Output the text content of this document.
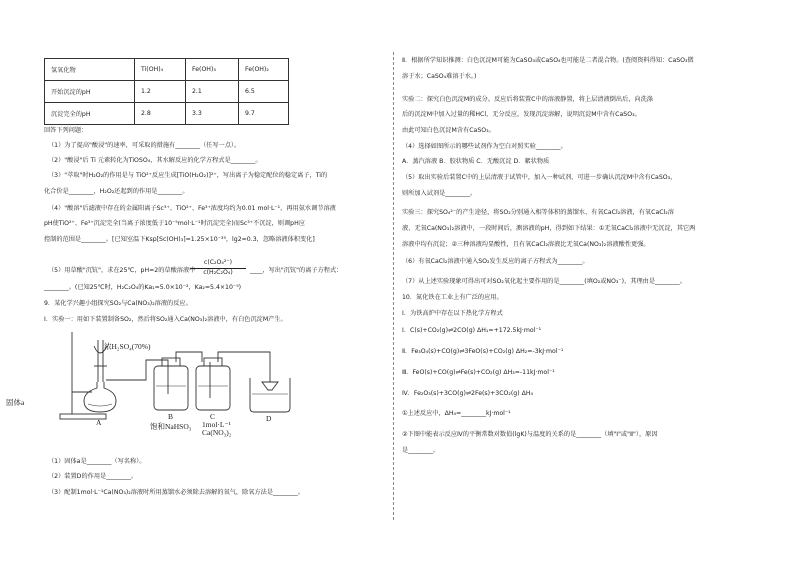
氢氧化物	Ti(OH)₄	Fe(OH)₃	Fe(OH)₂
开始沉淀的pH	1.2	2.1	6.5
沉淀完全的pH	2.8	3.3	9.7
回答下列问题：
（1）为了提高"酸浸"的速率，可采取的措施有________（任写一点）。
（2）"酸浸"后 Ti 元素转化为TiOSO₄，其水解反应的化学方程式是________。
（3）"萃取"时H₂O₂的作用是与 TiO²⁺反应生成[TiO(H₂O₂)]²⁺，写出离子为稳定配位的稳定离子，Ti的
化合价是________，H₂O₂还起到的作用是________。
（4）"酸溶"后滤液中存在的金属阳离子Sc³⁺、TiO²⁺、Fe³⁺浓度均约为0.01 mol·L⁻¹，再用氨水调节溶液
pH使TiO²⁺、Fe³⁺沉淀完全(当离子浓度低于10⁻⁵mol·L⁻¹时沉淀完全)而Sc³⁺不沉淀，则调pH应
控制的范围是________。[已知室温下Ksp[Sc(OH)₃]=1.25×10⁻³³，lg2≈0.3，忽略溶液体积变化]
（5）用草酸"沉钪"，求在25℃，pH=2的草酸溶液中
c(C₂O₄²⁻)
c(H₂C₂O₄)	____，写出"沉钪"的离子方程式：
________。(已知25℃时，H₂C₂O₄的Ka₁=5.0×10⁻²，Ka₂=5.4×10⁻⁵)
9．某化学兴趣小组探究SO₂与Ca(NO₃)₂溶液的反应。
Ⅰ．实验一：用如下装置制备SO₂，然后将SO₂通入Ca(NO₃)₂溶液中，有白色沉淀M产生。
浓H₂SO₄(70%)
固体a
A
B
饱和NaHSO₃
C
1mol·L⁻¹
Ca(NO₃)₂
D
（1）固体a是________（写名称）。
（2）装置D的作用是________。
（3）配制1mol·L⁻¹Ca(NO₃)₂溶液时所用蒸馏水必须除去溶解的氧气，除氧方法是________。
Ⅱ．根据所学知识推测：白色沉淀M可能为CaSO₃或CaSO₄也可能是二者混合物。(查阅资料得知：CaSO₃微
溶于水；CaSO₄难溶于水。)
实验二：探究白色沉淀M的成分。反应后将装置C中的溶液静置，将上层清液倒出后，向洗涤
后的沉淀M中加入过量的稀HCl，无分反应，发现沉淀溶解，说明沉淀M中含有CaSO₃。
由此可知白色沉淀M含有CaSO₃。
（4）选择如图所示的哪些试剂作为空白对照实验________。
A．蒸汽溶液 B．胶状物质 C．无酸沉淀 D．絮状物质
（5）取出实验后装置C中的上层清液于试管中，加入一种试剂，可进一步确认沉淀M中含有CaSO₃，
则所加入试剂是________。
实验三：探究SO₄²⁻的产生途径，将SO₂分别通入相等体积的蒸馏水、有氧CaCl₂溶液，有氧CaCl₂溶
液、无氧Ca(NO₃)₂溶液中，一段时间后，测溶液的pH，得到如下结果：①无氧CaCl₂溶液中无沉淀，其它两
溶液中均有沉淀；②三种溶液均显酸性，且有氧CaCl₂溶液比无氧Ca(NO₃)₂溶液酸性更强。
（6）有氧CaCl₂溶液中通入SO₂发生反应的离子方程式为________。
（7）从上述实验现象可得出可对SO₂氧化起主要作用的是________(填O₂或NO₃⁻)，其理由是________。
10．氮化铁在工业上有广泛的应用。
Ⅰ．为铁高炉中存在以下热化学方程式
Ⅰ．C(s)+CO₂(g)⇌2CO(g) ΔH₁=+172.5kJ·mol⁻¹
Ⅱ．Fe₃O₄(s)+CO(g)⇌3FeO(s)+CO₂(g) ΔH₂=-3kJ·mol⁻¹
Ⅲ．FeO(s)+CO(g)⇌Fe(s)+CO₂(g) ΔH₃=-11kJ·mol⁻¹
Ⅳ．Fe₂O₃(s)+3CO(g)⇌2Fe(s)+3CO₂(g) ΔH₄
①上述反应中，ΔH₄=________kJ·mol⁻¹
②下图中能表示反应Ⅳ的平衡常数对数值(lgK)与温度的关系的是________（填"Ⅰ"或"Ⅱ"），原因
是________。
